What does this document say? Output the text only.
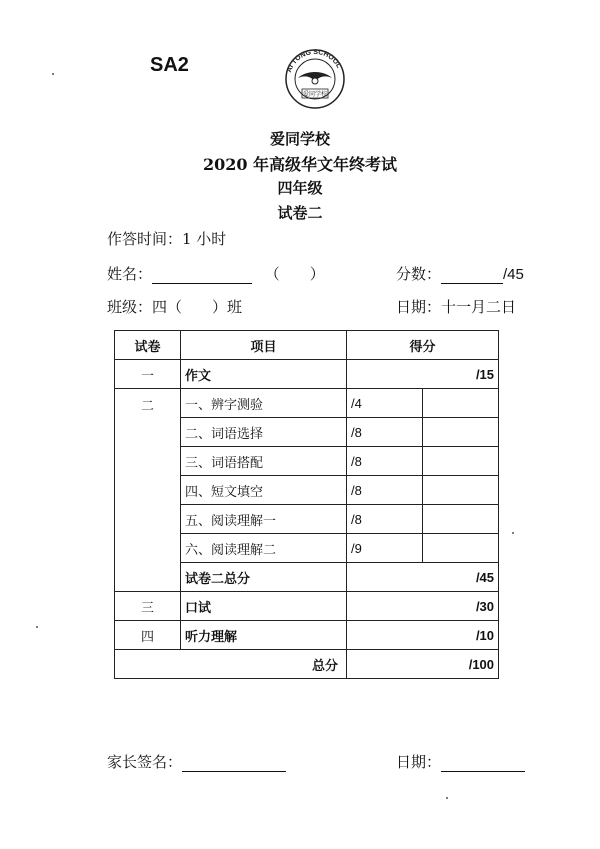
SA2	AI TONG SCHOOL
爱同学校
爱同学校
2020 年高级华文年终考试
四年级
试卷二
作答时间：1 小时
姓名：	（　　）	分数：	/45
班级：四（　　）班	日期：十一月二日
试卷	项目	得分	
一	作文	/15	
二	一、辨字测验	/4	
	二、词语选择	/8	
	三、词语搭配	/8	
	四、短文填空	/8	
	五、阅读理解一	/8	
	六、阅读理解二	/9	
	试卷二总分	/45	
三	口试	/30	
四	听力理解	/10	
总分		/100	
家长签名：	日期：
